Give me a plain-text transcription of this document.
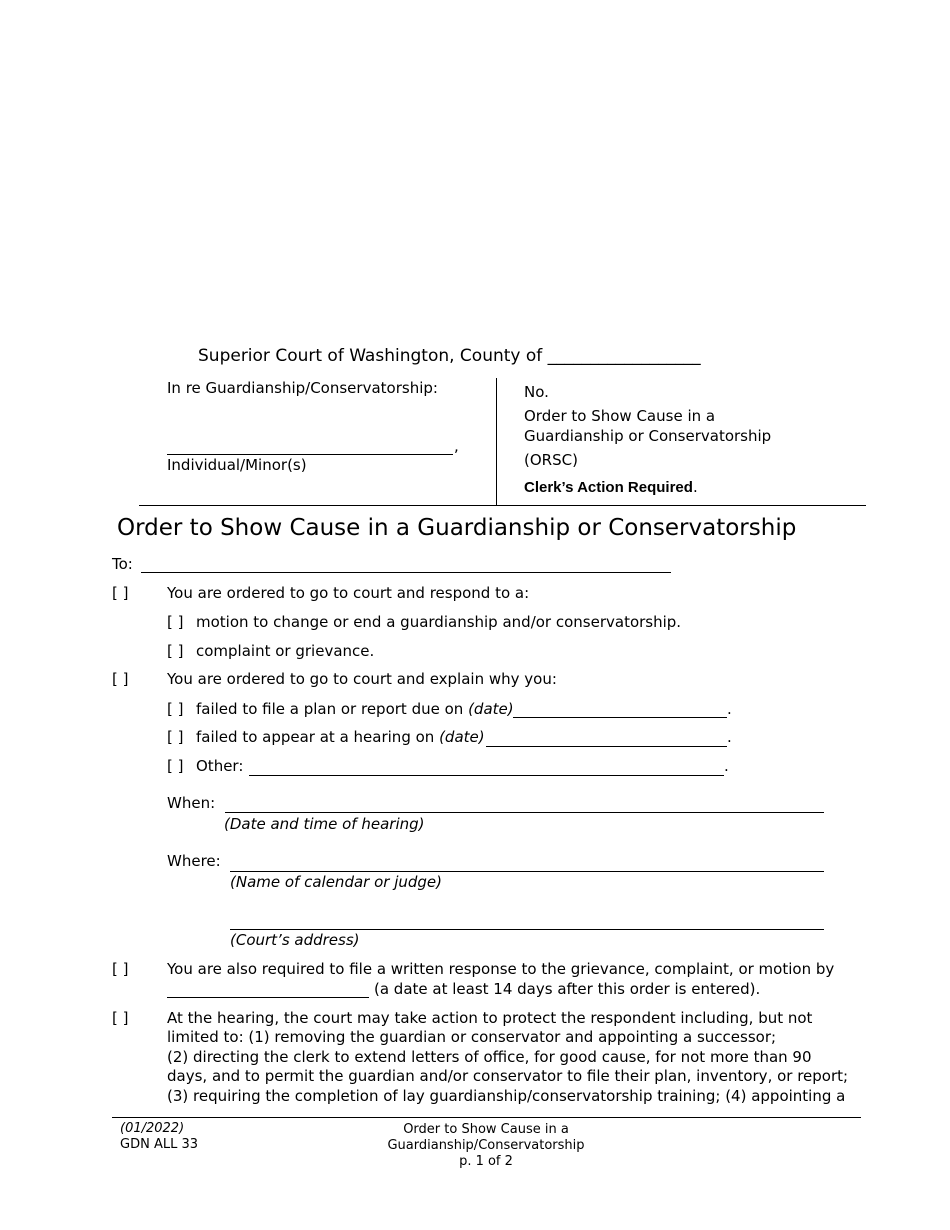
Superior Court of Washington, County of __________________
In re Guardianship/Conservatorship:
,
Individual/Minor(s)
No.
Order to Show Cause in a
Guardianship or Conservatorship
(ORSC)
Clerk’s Action Required.
Order to Show Cause in a Guardianship or Conservatorship
To:
[ ]	You are ordered to go to court and respond to a:
[ ] motion to change or end a guardianship and/or conservatorship.
[ ] complaint or grievance.
[ ]	You are ordered to go to court and explain why you:
[ ] failed to file a plan or report due on (date)	.
[ ] failed to appear at a hearing on (date)	.
[ ] Other:	.
When:
(Date and time of hearing)
Where:
(Name of calendar or judge)
(Court’s address)
[ ]	You are also required to file a written response to the grievance, complaint, or motion by
(a date at least 14 days after this order is entered).
[ ]	At the hearing, the court may take action to protect the respondent including, but not
limited to: (1) removing the guardian or conservator and appointing a successor;
(2) directing the clerk to extend letters of office, for good cause, for not more than 90
days, and to permit the guardian and/or conservator to file their plan, inventory, or report;
(3) requiring the completion of lay guardianship/conservatorship training; (4) appointing a
(01/2022)
GDN ALL 33
Order to Show Cause in a
Guardianship/Conservatorship
p. 1 of 2
